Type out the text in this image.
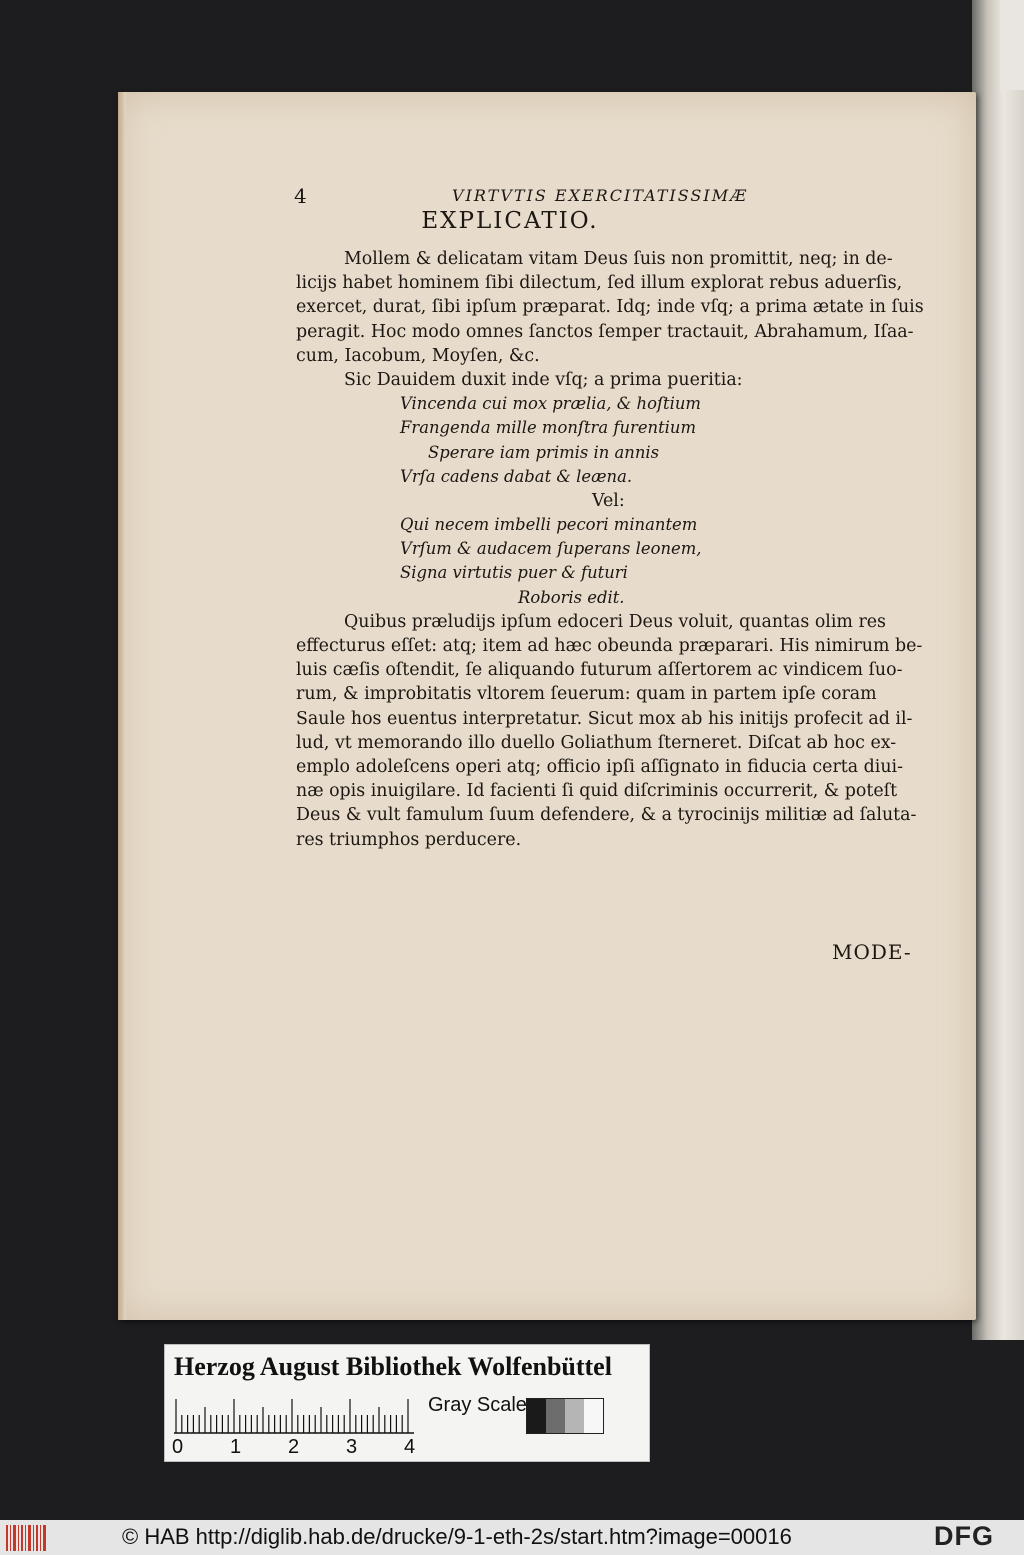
4	VIRTVTIS EXERCITATISSIMÆ
EXPLICATIO.
Mollem & delicatam vitam Deus ſuis non promittit, neq; in de-
licijs habet hominem ſibi dilectum, ſed illum explorat rebus aduerſis,
exercet, durat, ſibi ipſum præparat. Idq; inde vſq; a prima ætate in ſuis
peragit. Hoc modo omnes ſanctos ſemper tractauit, Abrahamum, Iſaa-
cum, Iacobum, Moyſen, &c.
Sic Dauidem duxit inde vſq; a prima pueritia:
Vincenda cui mox prælia, & hoſtium
Frangenda mille monſtra furentium
Sperare iam primis in annis
Vrſa cadens dabat & leæna.
Vel:
Qui necem imbelli pecori minantem
Vrſum & audacem ſuperans leonem,
Signa virtutis puer & futuri
Roboris edit.
Quibus præludijs ipſum edoceri Deus voluit, quantas olim res
effecturus eſſet: atq; item ad hæc obeunda præparari. His nimirum be-
luis cæſis oſtendit, ſe aliquando futurum aſſertorem ac vindicem ſuo-
rum, & improbitatis vltorem ſeuerum: quam in partem ipſe coram
Saule hos euentus interpretatur. Sicut mox ab his initijs profecit ad il-
lud, vt memorando illo duello Goliathum ſterneret. Diſcat ab hoc ex-
emplo adoleſcens operi atq; officio ipſi aſſignato in fiducia certa diui-
næ opis inuigilare. Id facienti ſi quid diſcriminis occurrerit, & poteſt
Deus & vult famulum ſuum defendere, & a tyrocinijs militiæ ad ſaluta-
res triumphos perducere.
MODE-
Herzog August Bibliothek Wolfenbüttel
Gray Scale
0 1 2 3 4
© HAB http://diglib.hab.de/drucke/9-1-eth-2s/start.htm?image=00016	DFG
